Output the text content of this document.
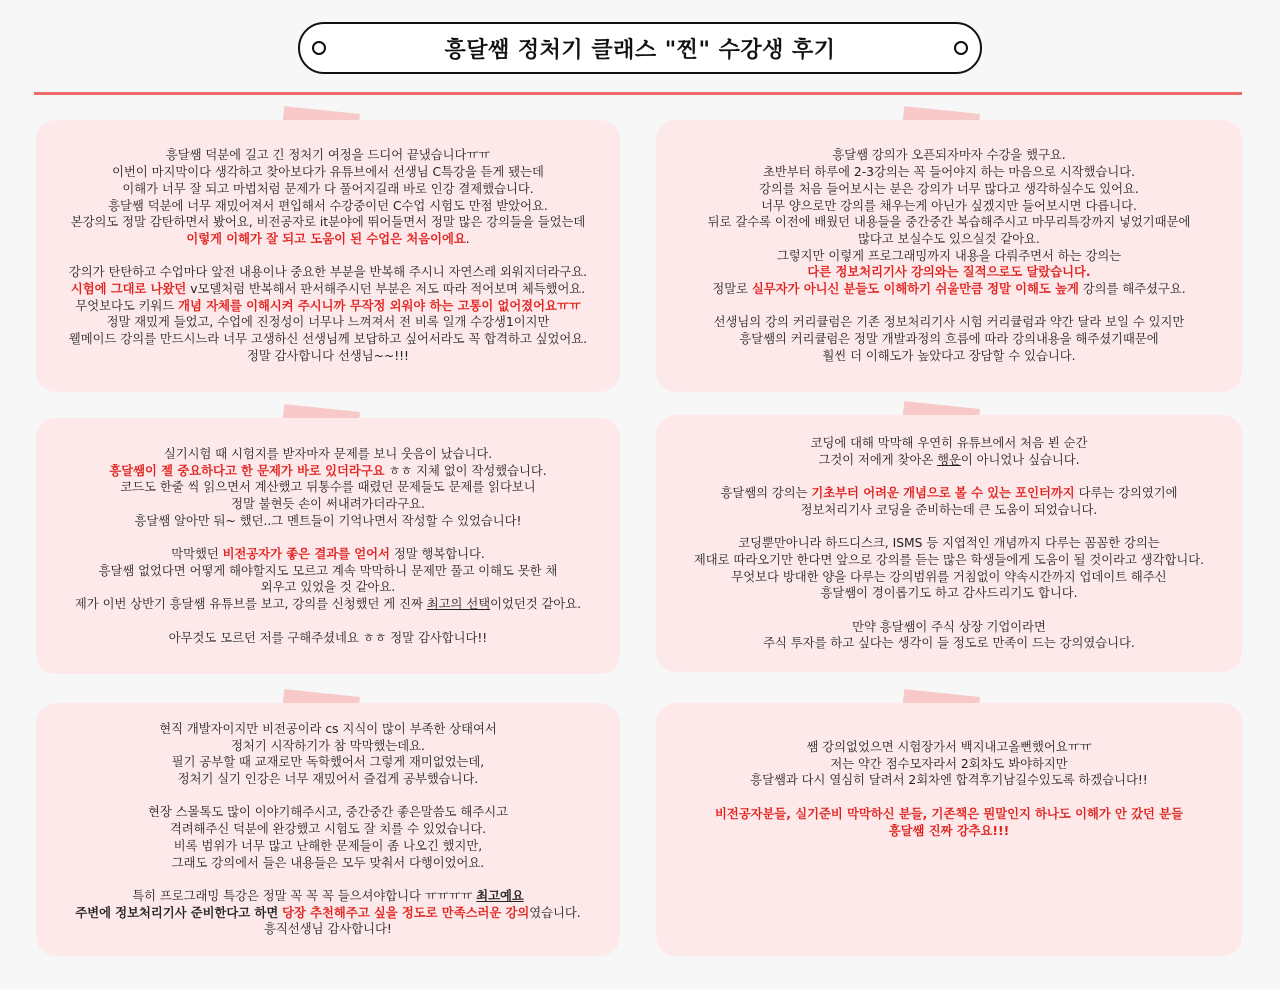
흥달쌤 정처기 클래스 "찐" 수강생 후기
흥달쌤 덕분에 길고 긴 정처기 여정을 드디어 끝냈습니다ㅠㅠ
이번이 마지막이다 생각하고 찾아보다가 유튜브에서 선생님 C특강을 듣게 됐는데
이해가 너무 잘 되고 마법처럼 문제가 다 풀어지길래 바로 인강 결제했습니다.
흥달쌤 덕분에 너무 재밌어져서 편입해서 수강중이던 C수업 시험도 만점 받았어요.
본강의도 정말 감탄하면서 봤어요, 비전공자로 it분야에 뛰어들면서 정말 많은 강의들을 들었는데
이렇게 이해가 잘 되고 도움이 된 수업은 처음이에요.
강의가 탄탄하고 수업마다 앞전 내용이나 중요한 부분을 반복해 주시니 자연스레 외워지더라구요.
시험에 그대로 나왔던 v모델처럼 반복해서 판서해주시던 부분은 저도 따라 적어보며 체득했어요.
무엇보다도 키워드 개념 자체를 이해시켜 주시니까 무작정 외워야 하는 고통이 없어졌어요ㅠㅠ
정말 재밌게 들었고, 수업에 진정성이 너무나 느껴져서 전 비록 일개 수강생1이지만
웰메이드 강의를 만드시느라 너무 고생하신 선생님께 보답하고 싶어서라도 꼭 합격하고 싶었어요.
정말 감사합니다 선생님~~!!!
흥달쌤 강의가 오픈되자마자 수강을 했구요.
초반부터 하루에 2-3강의는 꼭 들어야지 하는 마음으로 시작했습니다.
강의를 처음 들어보시는 분은 강의가 너무 많다고 생각하실수도 있어요.
너무 양으로만 강의를 채우는게 아닌가 싶겠지만 들어보시면 다릅니다.
뒤로 갈수록 이전에 배웠던 내용들을 중간중간 복습해주시고 마무리특강까지 넣었기때문에
많다고 보실수도 있으실것 같아요.
그렇지만 이렇게 프로그래밍까지 내용을 다뤄주면서 하는 강의는
다른 정보처리기사 강의와는 질적으로도 달랐습니다.
정말로 실무자가 아니신 분들도 이해하기 쉬울만큼 정말 이해도 높게 강의를 해주셨구요.
선생님의 강의 커리큘럼은 기존 정보처리기사 시험 커리큘럼과 약간 달라 보일 수 있지만
흥달쌤의 커리큘럼은 정말 개발과정의 흐름에 따라 강의내용을 해주셨기때문에
훨씬 더 이해도가 높았다고 장담할 수 있습니다.
실기시험 때 시험지를 받자마자 문제를 보니 웃음이 났습니다.
흥달쌤이 젤 중요하다고 한 문제가 바로 있더라구요 ㅎㅎ 지체 없이 작성했습니다.
코드도 한줄 씩 읽으면서 계산했고 뒤통수를 때렸던 문제들도 문제를 읽다보니
정말 불현듯 손이 써내려가더라구요.
흥달쌤 알아만 둬~ 했던..그 멘트들이 기억나면서 작성할 수 있었습니다!
막막했던 비전공자가 좋은 결과를 얻어서 정말 행복합니다.
흥달쌤 없었다면 어떻게 해야할지도 모르고 계속 막막하니 문제만 풀고 이해도 못한 채
외우고 있었을 것 같아요.
제가 이번 상반기 흥달쌤 유튜브를 보고, 강의를 신청했던 게 진짜 최고의 선택이었던것 같아요.
아무것도 모르던 저를 구해주셨네요 ㅎㅎ 정말 감사합니다!!
코딩에 대해 막막해 우연히 유튜브에서 처음 뵌 순간
그것이 저에게 찾아온 행운이 아니었나 싶습니다.
흥달쌤의 강의는 기초부터 어려운 개념으로 볼 수 있는 포인터까지 다루는 강의였기에
정보처리기사 코딩을 준비하는데 큰 도움이 되었습니다.
코딩뿐만아니라 하드디스크, ISMS 등 지엽적인 개념까지 다루는 꼼꼼한 강의는
제대로 따라오기만 한다면 앞으로 강의를 듣는 많은 학생들에게 도움이 될 것이라고 생각합니다.
무엇보다 방대한 양을 다루는 강의범위를 거침없이 약속시간까지 업데이트 해주신
흥달쌤이 경이롭기도 하고 감사드리기도 합니다.
만약 흥달쌤이 주식 상장 기업이라면
주식 투자를 하고 싶다는 생각이 들 정도로 만족이 드는 강의였습니다.
현직 개발자이지만 비전공이라 cs 지식이 많이 부족한 상태여서
정처기 시작하기가 참 막막했는데요.
필기 공부할 때 교재로만 독학했어서 그렇게 재미없었는데,
정처기 실기 인강은 너무 재밌어서 즐겁게 공부했습니다.
현장 스몰톡도 많이 이야기해주시고, 중간중간 좋은말씀도 해주시고
격려해주신 덕분에 완강했고 시험도 잘 치를 수 있었습니다.
비록 범위가 너무 많고 난해한 문제들이 좀 나오긴 했지만,
그래도 강의에서 들은 내용들은 모두 맞춰서 다행이었어요.
특히 프로그래밍 특강은 정말 꼭 꼭 꼭 들으셔야합니다 ㅠㅠㅠㅠ 최고예요
주변에 정보처리기사 준비한다고 하면 당장 추천해주고 싶을 정도로 만족스러운 강의였습니다.
흥직선생님 감사합니다!
쌤 강의없었으면 시험장가서 백지내고올뻔했어요ㅠㅠ
저는 약간 점수모자라서 2회차도 봐야하지만
흥달쌤과 다시 열심히 달려서 2회차엔 합격후기남길수있도록 하겠습니다!!
비전공자분들, 실기준비 막막하신 분들, 기존책은 뭔말인지 하나도 이해가 안 갔던 분들
흥달쌤 진짜 강추요!!!
